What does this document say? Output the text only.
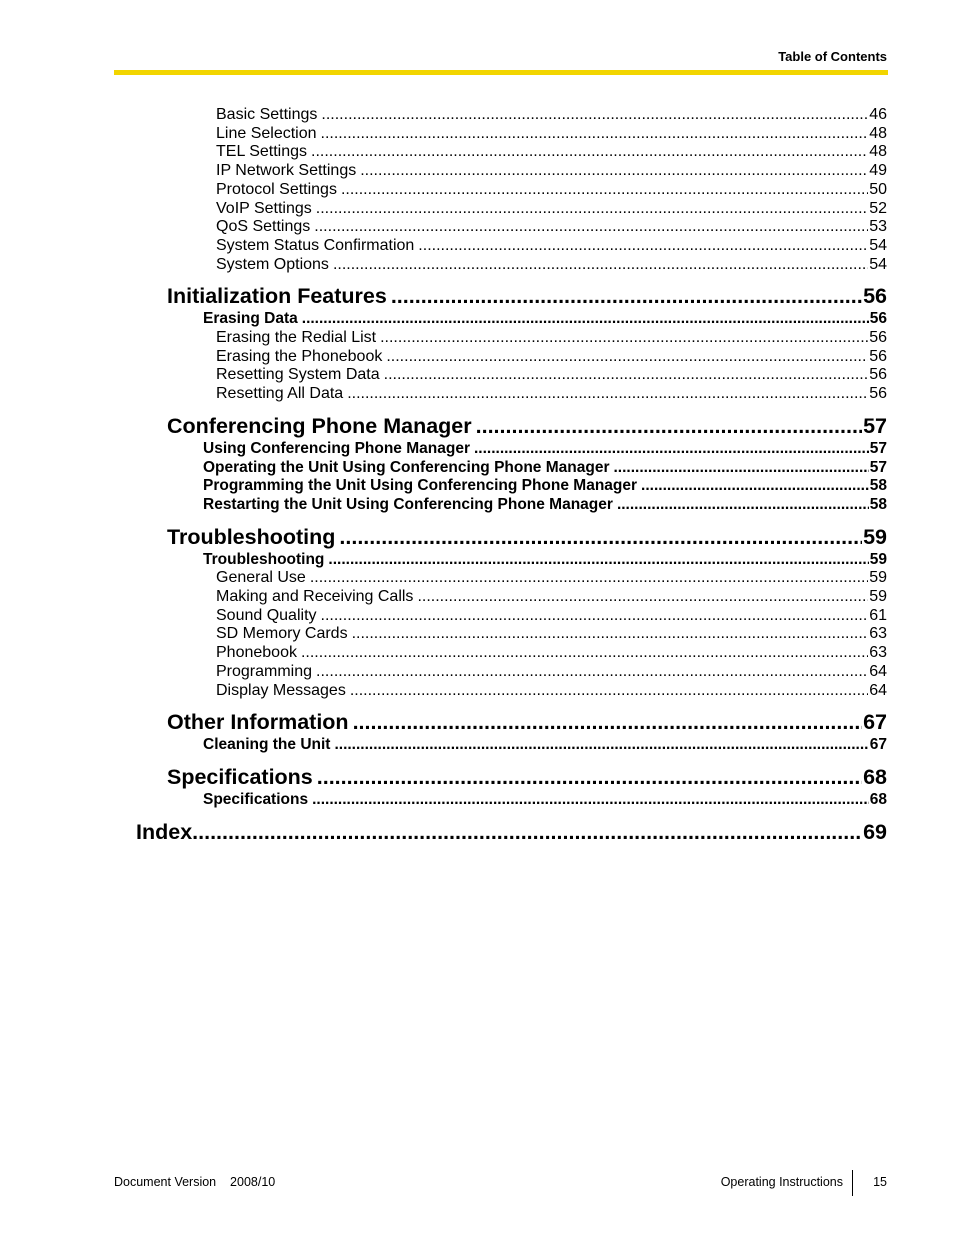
Table of Contents
Basic Settings .....	46
Line Selection .....	48
TEL Settings .....	48
IP Network Settings .....	49
Protocol Settings .....	50
VoIP Settings .....	52
QoS Settings .....	53
System Status Confirmation .....	54
System Options .....	54
Initialization Features .....	56
Erasing Data .....	56
Erasing the Redial List .....	56
Erasing the Phonebook .....	56
Resetting System Data .....	56
Resetting All Data .....	56
Conferencing Phone Manager .....	57
Using Conferencing Phone Manager .....	57
Operating the Unit Using Conferencing Phone Manager .....	57
Programming the Unit Using Conferencing Phone Manager .....	58
Restarting the Unit Using Conferencing Phone Manager .....	58
Troubleshooting .....	59
Troubleshooting .....	59
General Use .....	59
Making and Receiving Calls .....	59
Sound Quality .....	61
SD Memory Cards .....	63
Phonebook .....	63
Programming .....	64
Display Messages .....	64
Other Information .....	67
Cleaning the Unit .....	67
Specifications .....	68
Specifications .....	68
Index .....	69
Document Version 2008/10	Operating Instructions 15
